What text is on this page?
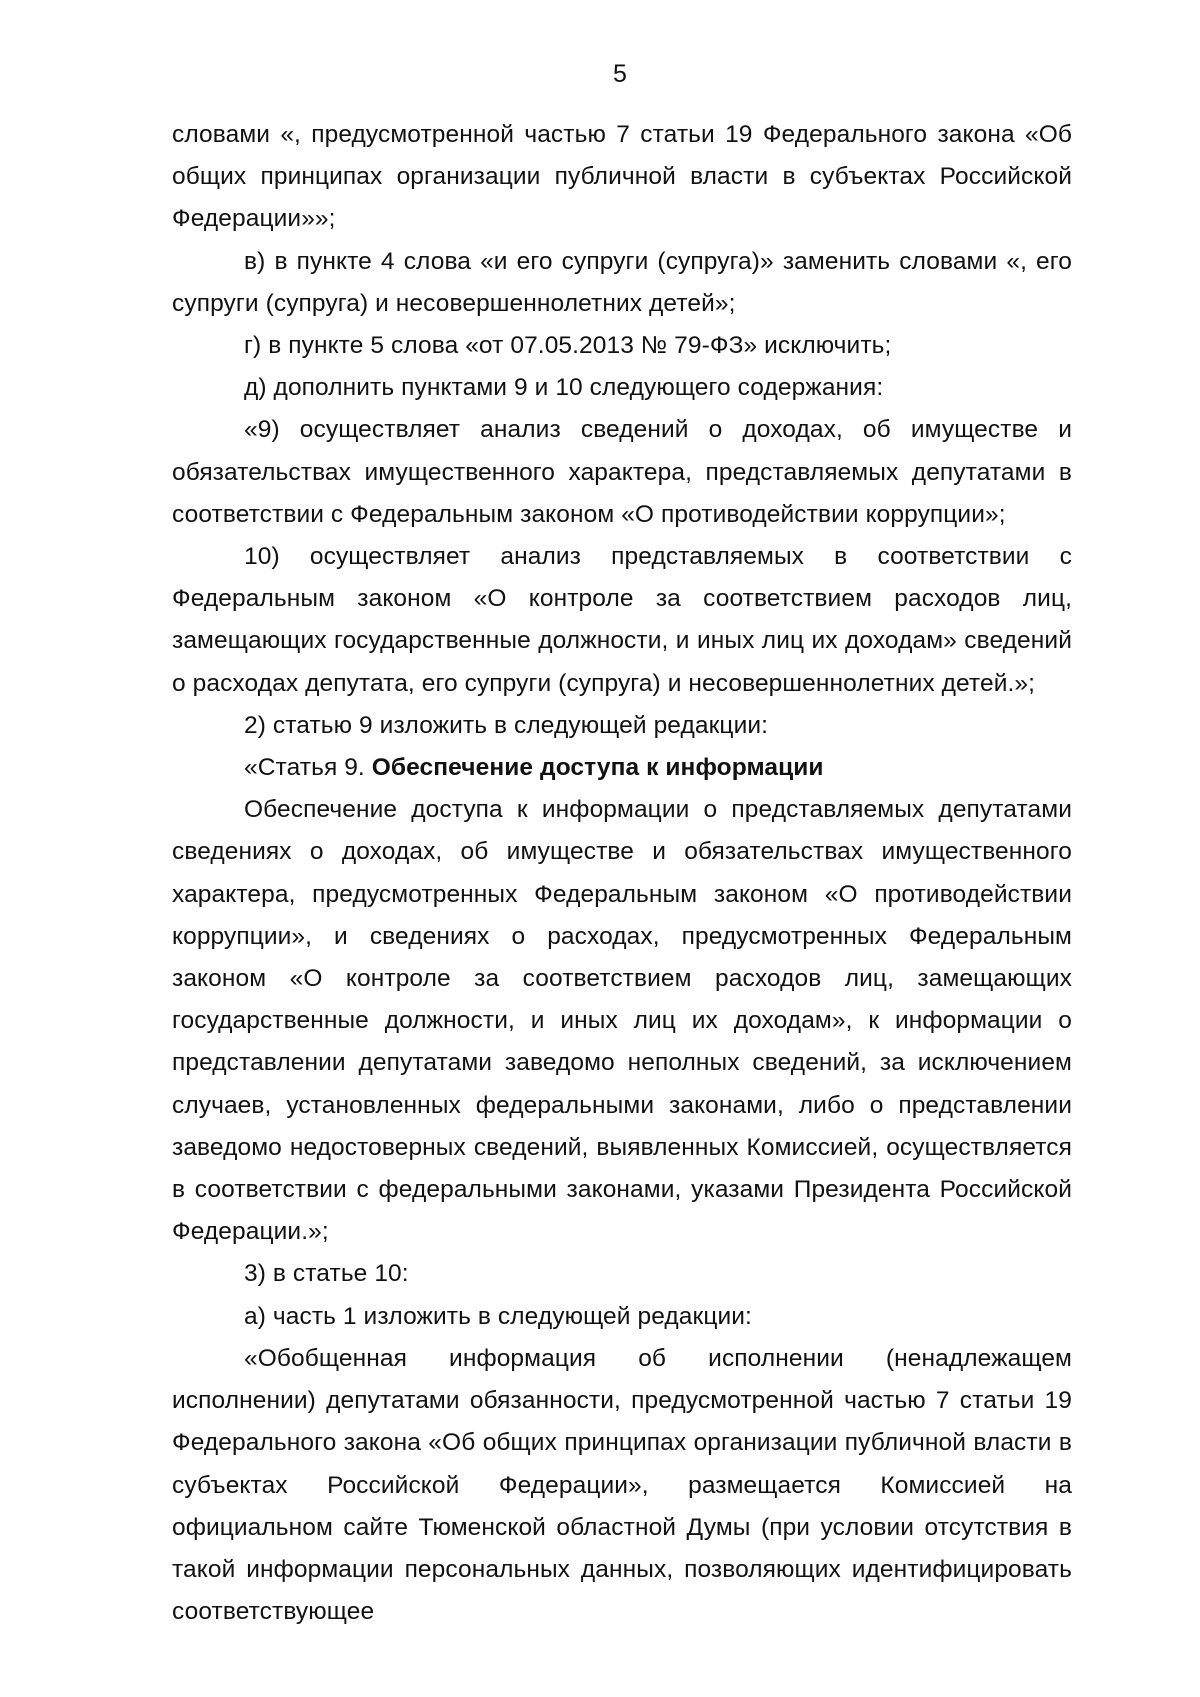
5

словами «, предусмотренной частью 7 статьи 19 Федерального закона «Об общих принципах организации публичной власти в субъектах Российской Федерации»»;

в) в пункте 4 слова «и его супруги (супруга)» заменить словами «, его супруги (супруга) и несовершеннолетних детей»;

г) в пункте 5 слова «от 07.05.2013 № 79-ФЗ» исключить;

д) дополнить пунктами 9 и 10 следующего содержания:

«9) осуществляет анализ сведений о доходах, об имуществе и обязательствах имущественного характера, представляемых депутатами в соответствии с Федеральным законом «О противодействии коррупции»;

10) осуществляет анализ представляемых в соответствии с Федеральным законом «О контроле за соответствием расходов лиц, замещающих государственные должности, и иных лиц их доходам» сведений о расходах депутата, его супруги (супруга) и несовершеннолетних детей.»;

2) статью 9 изложить в следующей редакции:

«Статья 9. Обеспечение доступа к информации

Обеспечение доступа к информации о представляемых депутатами сведениях о доходах, об имуществе и обязательствах имущественного характера, предусмотренных Федеральным законом «О противодействии коррупции», и сведениях о расходах, предусмотренных Федеральным законом «О контроле за соответствием расходов лиц, замещающих государственные должности, и иных лиц их доходам», к информации о представлении депутатами заведомо неполных сведений, за исключением случаев, установленных федеральными законами, либо о представлении заведомо недостоверных сведений, выявленных Комиссией, осуществляется в соответствии с федеральными законами, указами Президента Российской Федерации.»;

3) в статье 10:

а) часть 1 изложить в следующей редакции:

«Обобщенная информация об исполнении (ненадлежащем исполнении) депутатами обязанности, предусмотренной частью 7 статьи 19 Федерального закона «Об общих принципах организации публичной власти в субъектах Российской Федерации», размещается Комиссией на официальном сайте Тюменской областной Думы (при условии отсутствия в такой информации персональных данных, позволяющих идентифицировать соответствующее
